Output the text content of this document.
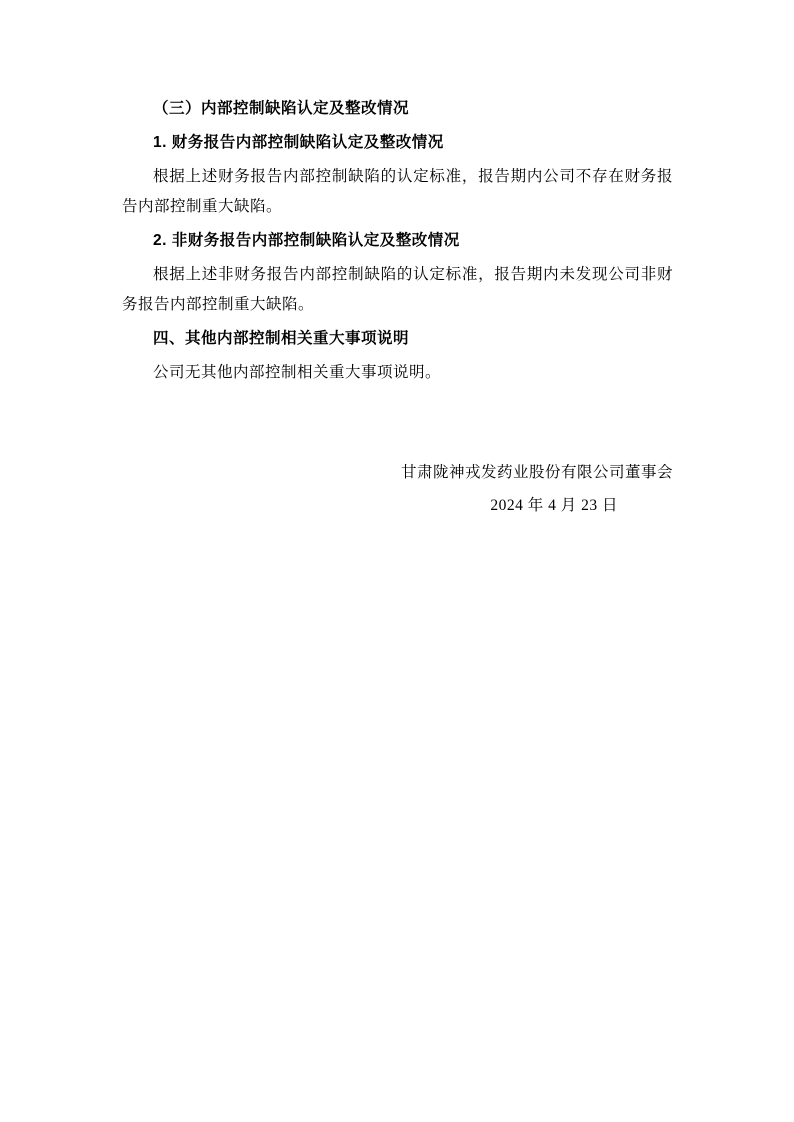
（三）内部控制缺陷认定及整改情况
1. 财务报告内部控制缺陷认定及整改情况

根据上述财务报告内部控制缺陷的认定标准，报告期内公司不存在财务报告内部控制重大缺陷。

2. 非财务报告内部控制缺陷认定及整改情况

根据上述非财务报告内部控制缺陷的认定标准，报告期内未发现公司非财务报告内部控制重大缺陷。

四、其他内部控制相关重大事项说明

公司无其他内部控制相关重大事项说明。

甘肃陇神戎发药业股份有限公司董事会

2024 年 4 月 23 日
